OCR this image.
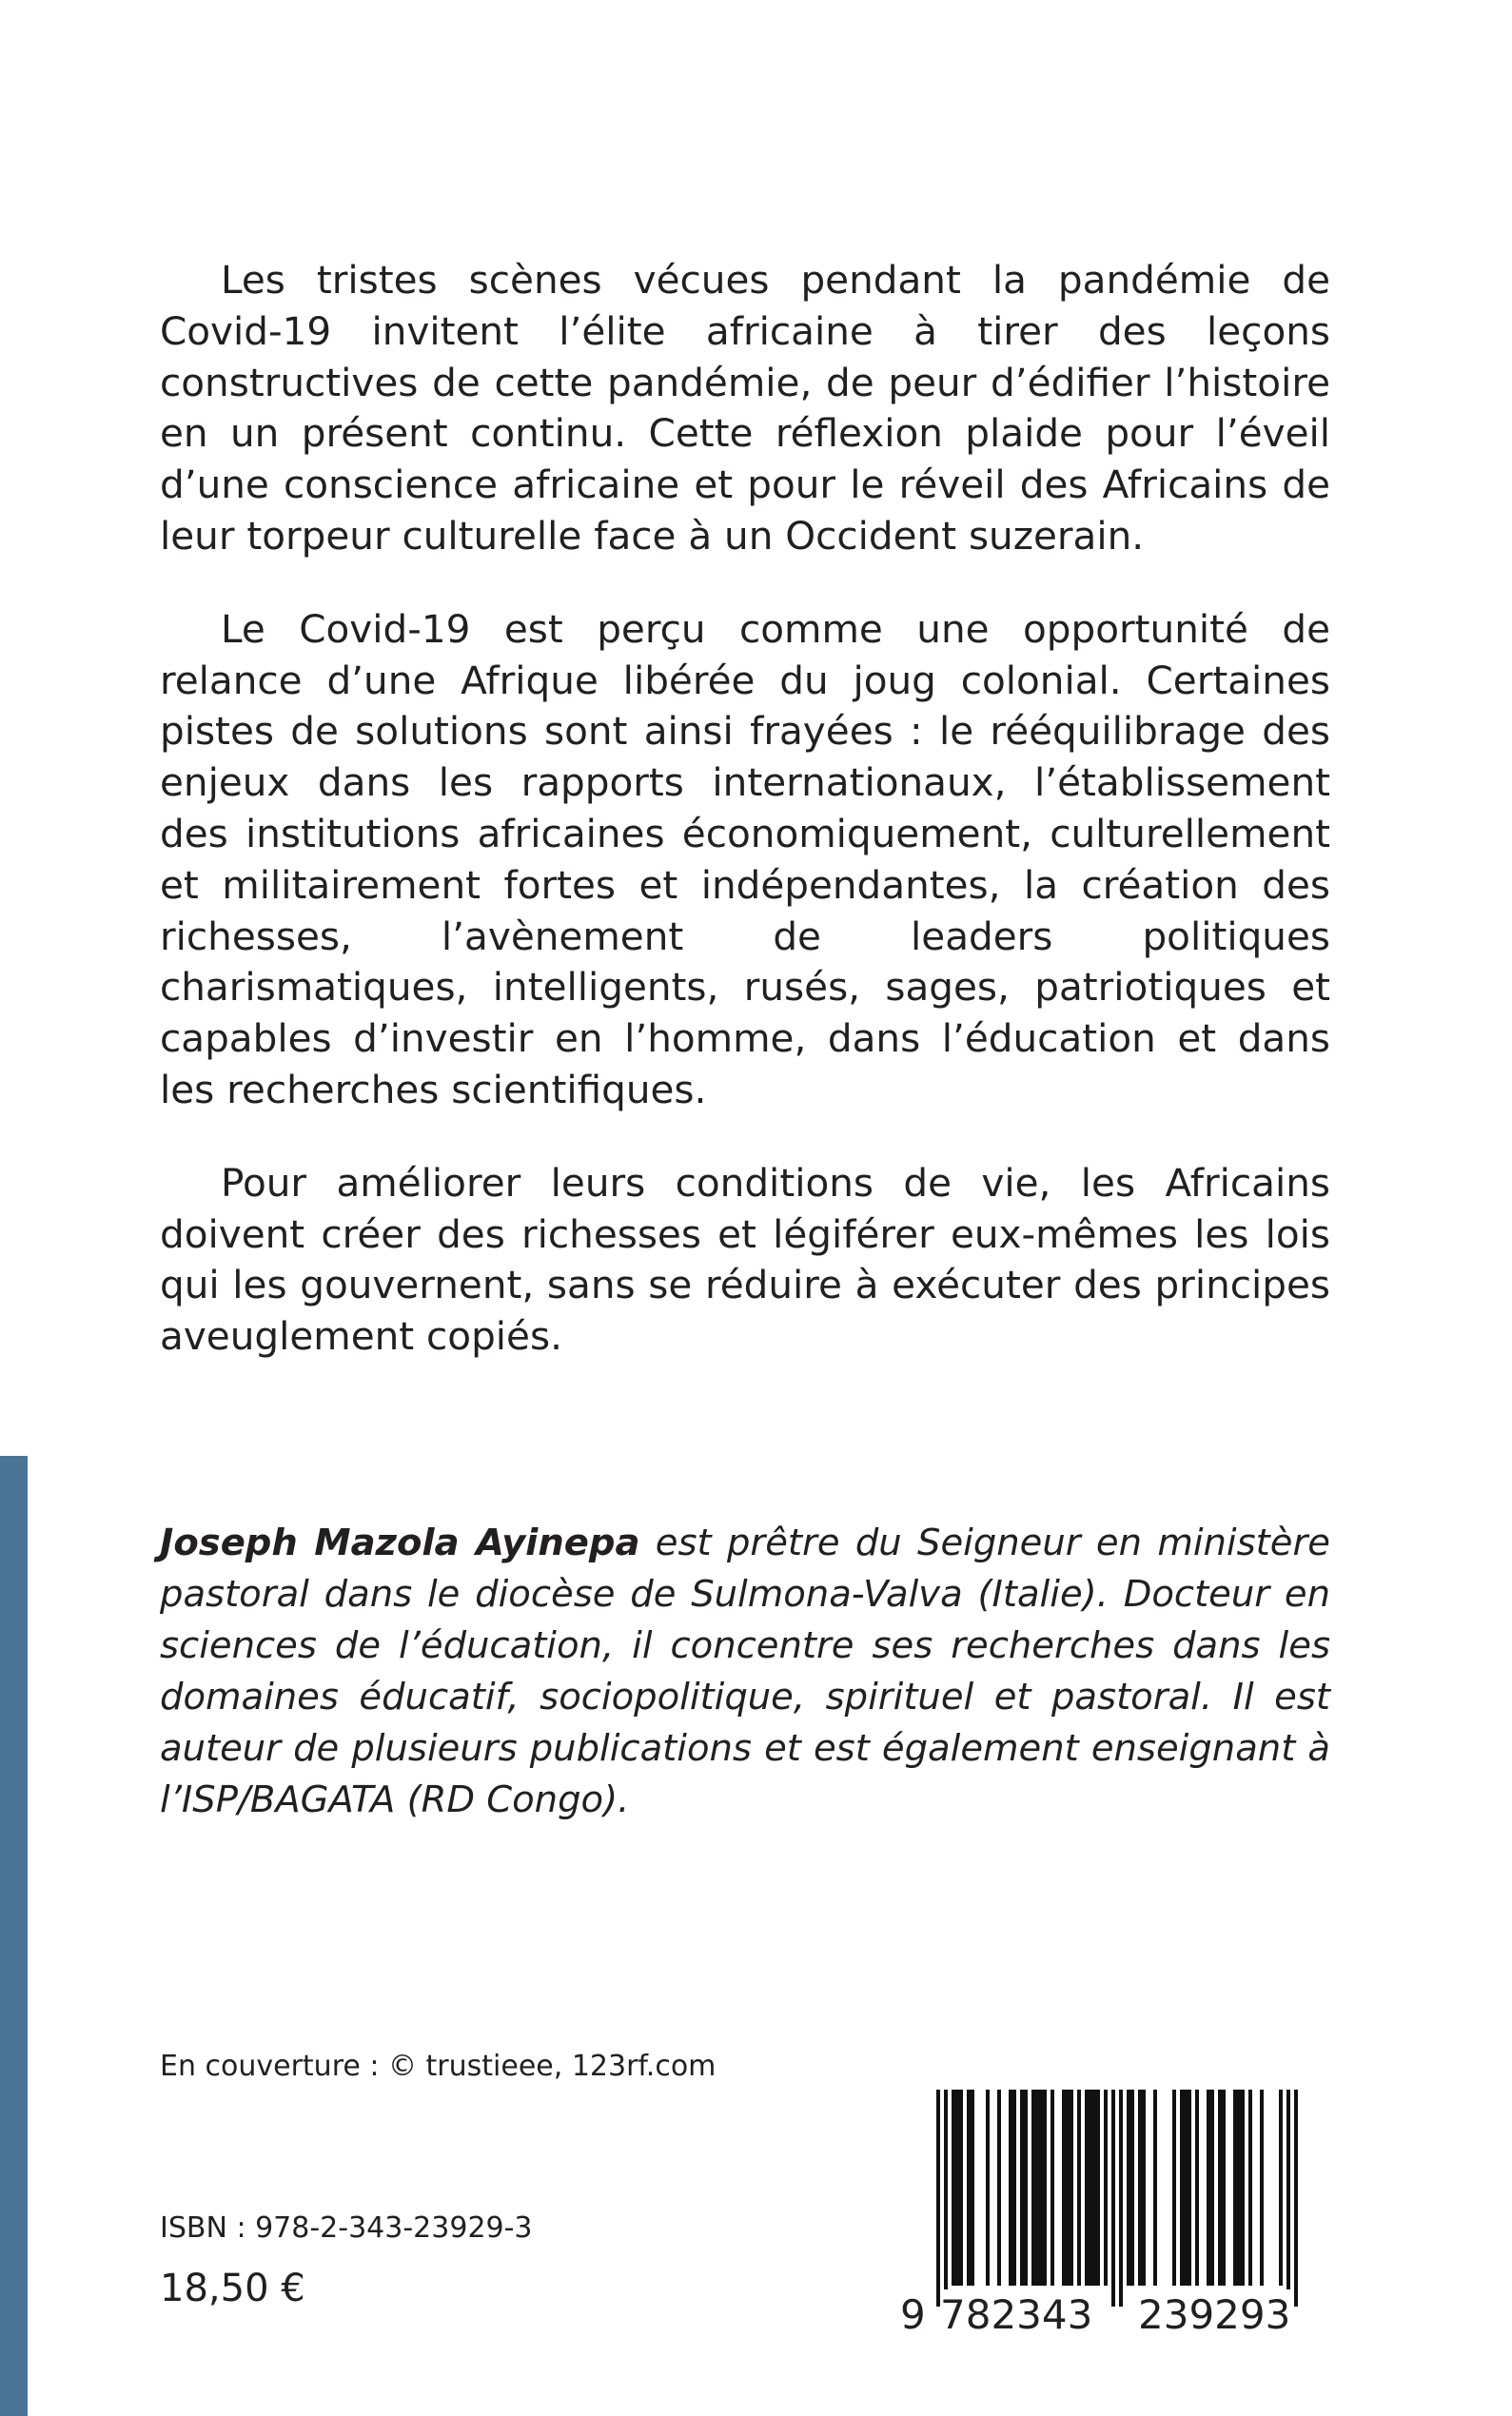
Les tristes scènes vécues pendant la pandémie de Covid-19 invitent l’élite africaine à tirer des leçons constructives de cette pandémie, de peur d’édifier l’histoire en un présent continu. Cette réflexion plaide pour l’éveil d’une conscience africaine et pour le réveil des Africains de leur torpeur culturelle face à un Occident suzerain.

Le Covid-19 est perçu comme une opportunité de relance d’une Afrique libérée du joug colonial. Certaines pistes de solutions sont ainsi frayées : le rééquilibrage des enjeux dans les rapports internationaux, l’établissement des institutions africaines économiquement, culturellement et militairement fortes et indépendantes, la création des richesses, l’avènement de leaders politiques charismatiques, intelligents, rusés, sages, patriotiques et capables d’investir en l’homme, dans l’éducation et dans les recherches scientifiques.

Pour améliorer leurs conditions de vie, les Africains doivent créer des richesses et légiférer eux-mêmes les lois qui les gouvernent, sans se réduire à exécuter des principes aveuglement copiés.

Joseph Mazola Ayinepa est prêtre du Seigneur en ministère pastoral dans le diocèse de Sulmona-Valva (Italie). Docteur en sciences de l’éducation, il concentre ses recherches dans les domaines éducatif, sociopolitique, spirituel et pastoral. Il est auteur de plusieurs publications et est également enseignant à l’ISP/BAGATA (RD Congo).
En couverture : © trustieee, 123rf.com
ISBN : 978-2-343-23929-3
18,50 €
9 782343 239293
